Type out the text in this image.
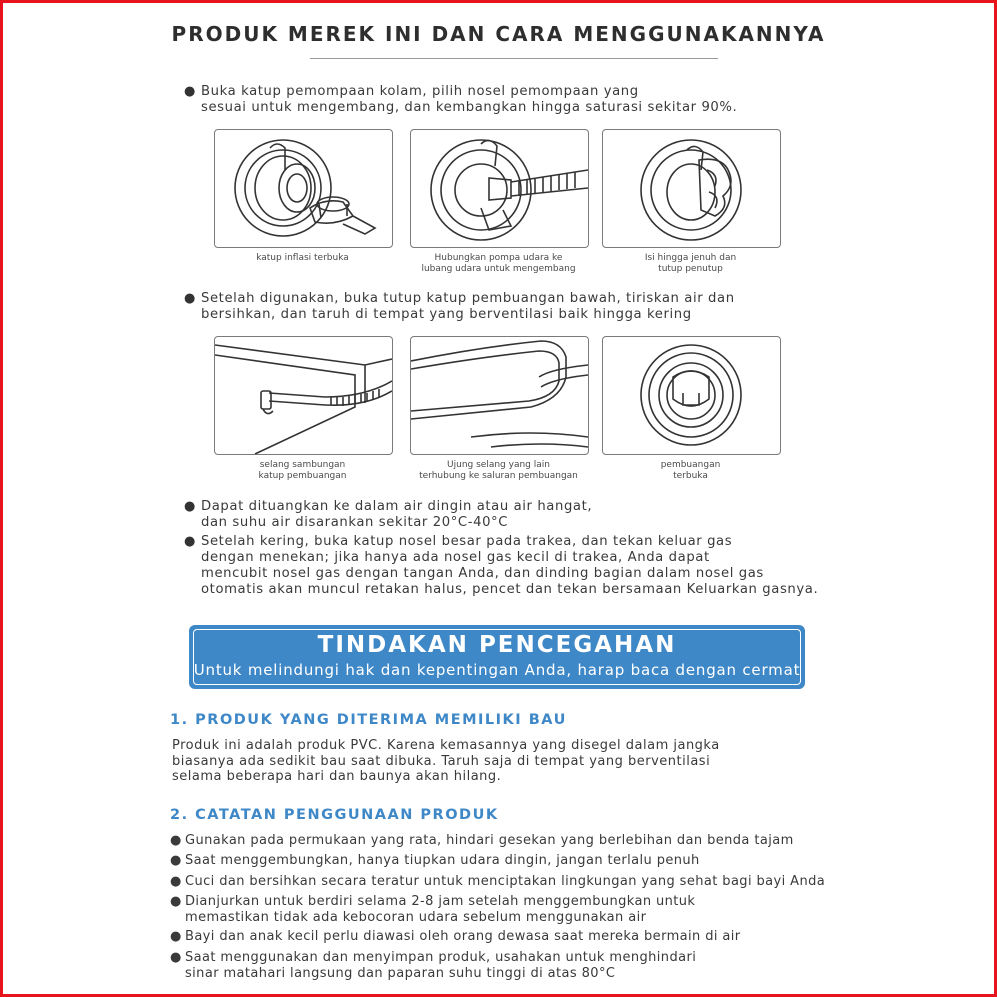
PRODUK MEREK INI DAN CARA MENGGUNAKANNYA
● Buka katup pemompaan kolam, pilih nosel pemompaan yang
sesuai untuk mengembang, dan kembangkan hingga saturasi sekitar 90%.
katup inflasi terbuka	Hubungkan pompa udara ke
lubang udara untuk mengembang
Isi hingga jenuh dan
tutup penutup
● Setelah digunakan, buka tutup katup pembuangan bawah, tiriskan air dan
bersihkan, dan taruh di tempat yang berventilasi baik hingga kering
selang sambungan
katup pembuangan
Ujung selang yang lain
terhubung ke saluran pembuangan
pembuangan
terbuka
● Dapat dituangkan ke dalam air dingin atau air hangat,
dan suhu air disarankan sekitar 20°C-40°C
● Setelah kering, buka katup nosel besar pada trakea, dan tekan keluar gas
dengan menekan; jika hanya ada nosel gas kecil di trakea, Anda dapat
mencubit nosel gas dengan tangan Anda, dan dinding bagian dalam nosel gas
otomatis akan muncul retakan halus, pencet dan tekan bersamaan Keluarkan gasnya.
TINDAKAN PENCEGAHAN
Untuk melindungi hak dan kepentingan Anda, harap baca dengan cermat
1. PRODUK YANG DITERIMA MEMILIKI BAU
Produk ini adalah produk PVC. Karena kemasannya yang disegel dalam jangka
biasanya ada sedikit bau saat dibuka. Taruh saja di tempat yang berventilasi
selama beberapa hari dan baunya akan hilang.
2. CATATAN PENGGUNAAN PRODUK
● Gunakan pada permukaan yang rata, hindari gesekan yang berlebihan dan benda tajam
● Saat menggembungkan, hanya tiupkan udara dingin, jangan terlalu penuh
● Cuci dan bersihkan secara teratur untuk menciptakan lingkungan yang sehat bagi bayi Anda
● Dianjurkan untuk berdiri selama 2-8 jam setelah menggembungkan untuk
memastikan tidak ada kebocoran udara sebelum menggunakan air
● Bayi dan anak kecil perlu diawasi oleh orang dewasa saat mereka bermain di air
● Saat menggunakan dan menyimpan produk, usahakan untuk menghindari
sinar matahari langsung dan paparan suhu tinggi di atas 80°C
